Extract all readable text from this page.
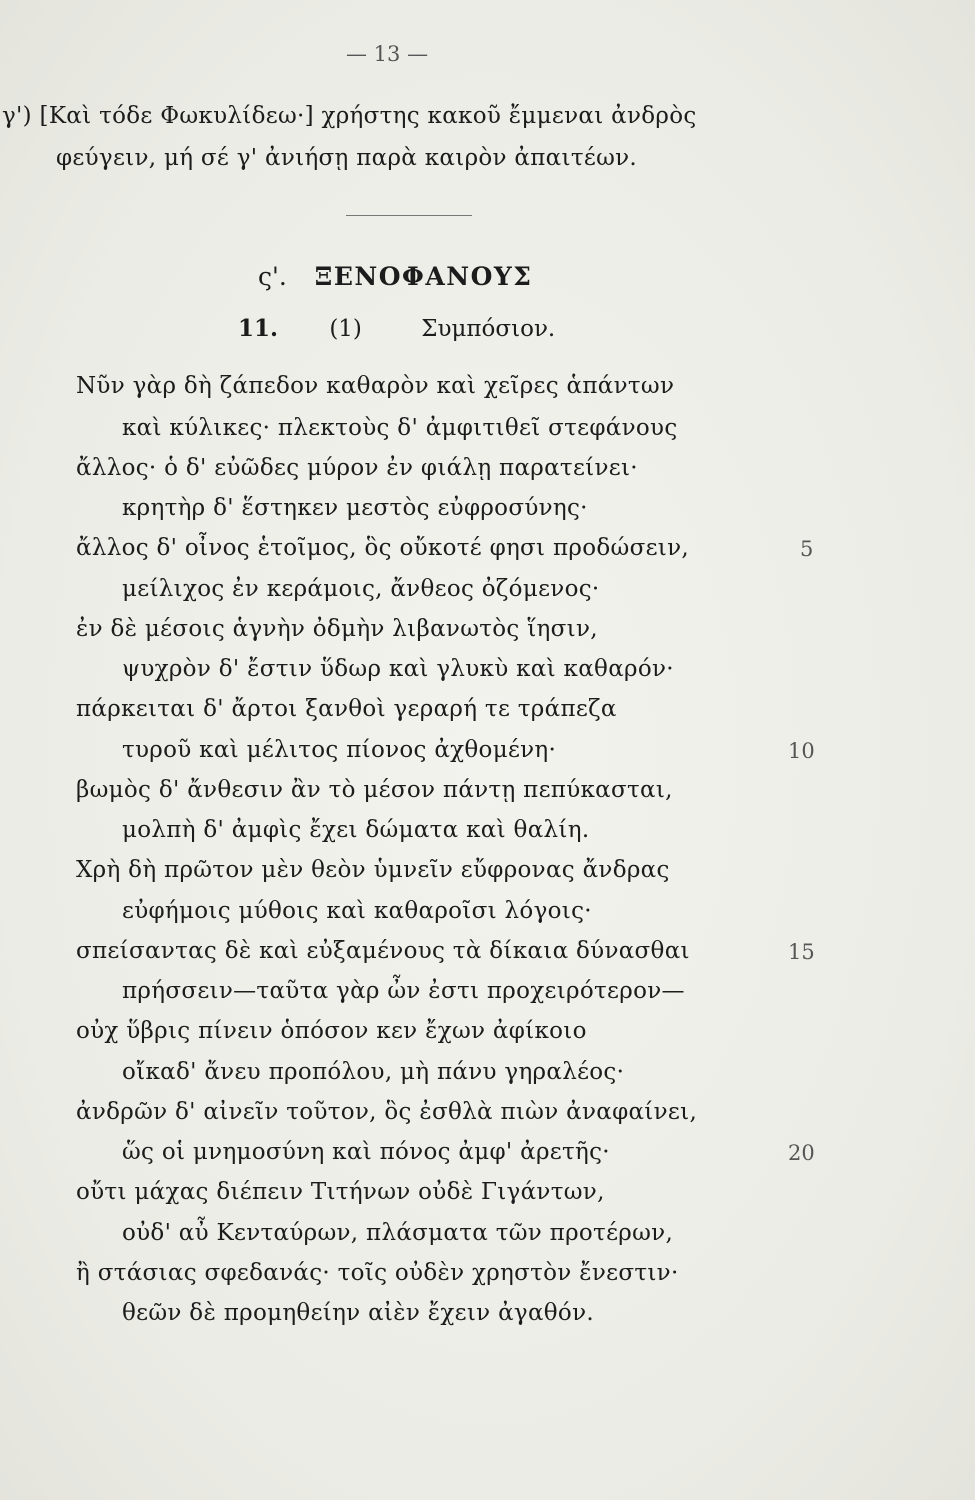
— 13 —
γ') [Καὶ τόδε Φωκυλίδεω·] χρήστης κακοῦ ἔμμεναι ἀνδρὸς
φεύγειν, μή σέ γ' ἀνιήσῃ παρὰ καιρὸν ἀπαιτέων.
ς'. ΞΕΝΟΦΑΝΟΥΣ
11. (1)	Συμπόσιον.
Νῦν γὰρ δὴ ζάπεδον καθαρὸν καὶ χεῖρες ἁπάντων
καὶ κύλικες· πλεκτοὺς δ' ἀμφιτιθεῖ στεφάνους
ἄλλος· ὁ δ' εὐῶδες μύρον ἐν φιάλῃ παρατείνει·
κρητὴρ δ' ἕστηκεν μεστὸς εὐφροσύνης·
ἄλλος δ' οἶνος ἑτοῖμος, ὃς οὔκοτέ φησι προδώσειν,
μείλιχος ἐν κεράμοις, ἄνθεος ὀζόμενος·
ἐν δὲ μέσοις ἁγνὴν ὀδμὴν λιβανωτὸς ἵησιν,
ψυχρὸν δ' ἔστιν ὕδωρ καὶ γλυκὺ καὶ καθαρόν·
πάρκειται δ' ἄρτοι ξανθοὶ γεραρή τε τράπεζα
τυροῦ καὶ μέλιτος πίονος ἀχθομένη·
βωμὸς δ' ἄνθεσιν ἂν τὸ μέσον πάντῃ πεπύκασται,
μολπὴ δ' ἀμφὶς ἔχει δώματα καὶ θαλίη.
Χρὴ δὴ πρῶτον μὲν θεὸν ὑμνεῖν εὔφρονας ἄνδρας
εὐφήμοις μύθοις καὶ καθαροῖσι λόγοις·
σπείσαντας δὲ καὶ εὐξαμένους τὰ δίκαια δύνασθαι
πρήσσειν—ταῦτα γὰρ ὦν ἐστι προχειρότερον—
οὐχ ὕβρις πίνειν ὁπόσον κεν ἔχων ἀφίκοιο
οἴκαδ' ἄνευ προπόλου, μὴ πάνυ γηραλέος·
ἀνδρῶν δ' αἰνεῖν τοῦτον, ὃς ἐσθλὰ πιὼν ἀναφαίνει,
ὥς οἱ μνημοσύνη καὶ πόνος ἀμφ' ἀρετῆς·
οὔτι μάχας διέπειν Τιτήνων οὐδὲ Γιγάντων,
οὐδ' αὖ Κενταύρων, πλάσματα τῶν προτέρων,
ἢ στάσιας σφεδανάς· τοῖς οὐδὲν χρηστὸν ἔνεστιν·
θεῶν δὲ προμηθείην αἰὲν ἔχειν ἀγαθόν.
5
10
15
20
